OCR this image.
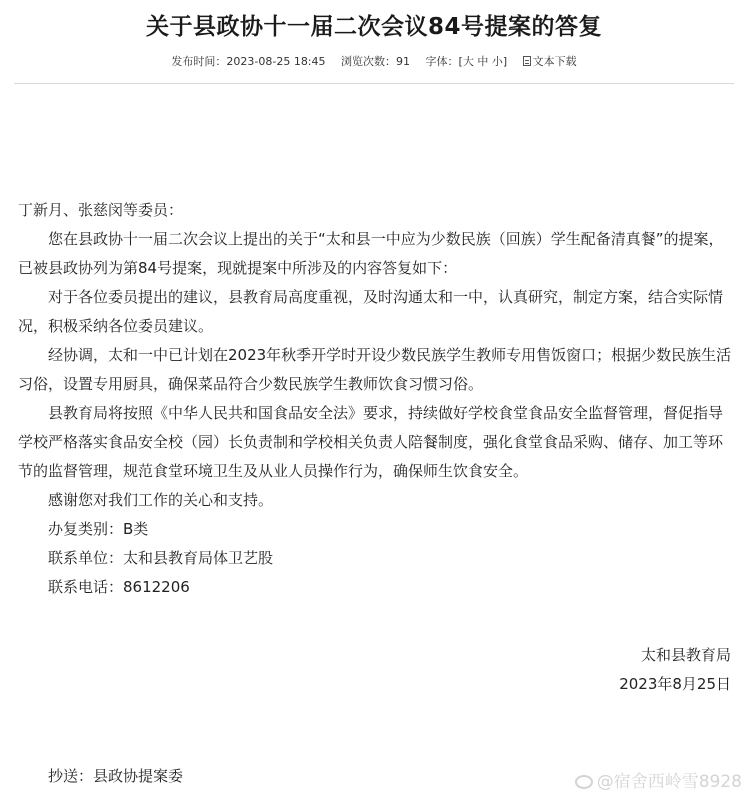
关于县政协十一届二次会议84号提案的答复
发布时间：2023-08-25 18:45 浏览次数：91 字体：[大 中 小] 文本下载

丁新月、张慈闵等委员：

您在县政协十一届二次会议上提出的关于“太和县一中应为少数民族（回族）学生配备清真餐”的提案，已被县政协列为第84号提案，现就提案中所涉及的内容答复如下：

对于各位委员提出的建议，县教育局高度重视，及时沟通太和一中，认真研究，制定方案，结合实际情况，积极采纳各位委员建议。

经协调，太和一中已计划在2023年秋季开学时开设少数民族学生教师专用售饭窗口；根据少数民族生活习俗，设置专用厨具，确保菜品符合少数民族学生教师饮食习惯习俗。

县教育局将按照《中华人民共和国食品安全法》要求，持续做好学校食堂食品安全监督管理，督促指导学校严格落实食品安全校（园）长负责制和学校相关负责人陪餐制度，强化食堂食品采购、储存、加工等环节的监督管理，规范食堂环境卫生及从业人员操作行为，确保师生饮食安全。

感谢您对我们工作的关心和支持。

办复类别：B类

联系单位：太和县教育局体卫艺股

联系电话：8612206

太和县教育局
2023年8月25日
抄送：县政协提案委	@宿舍西岭雪8928
